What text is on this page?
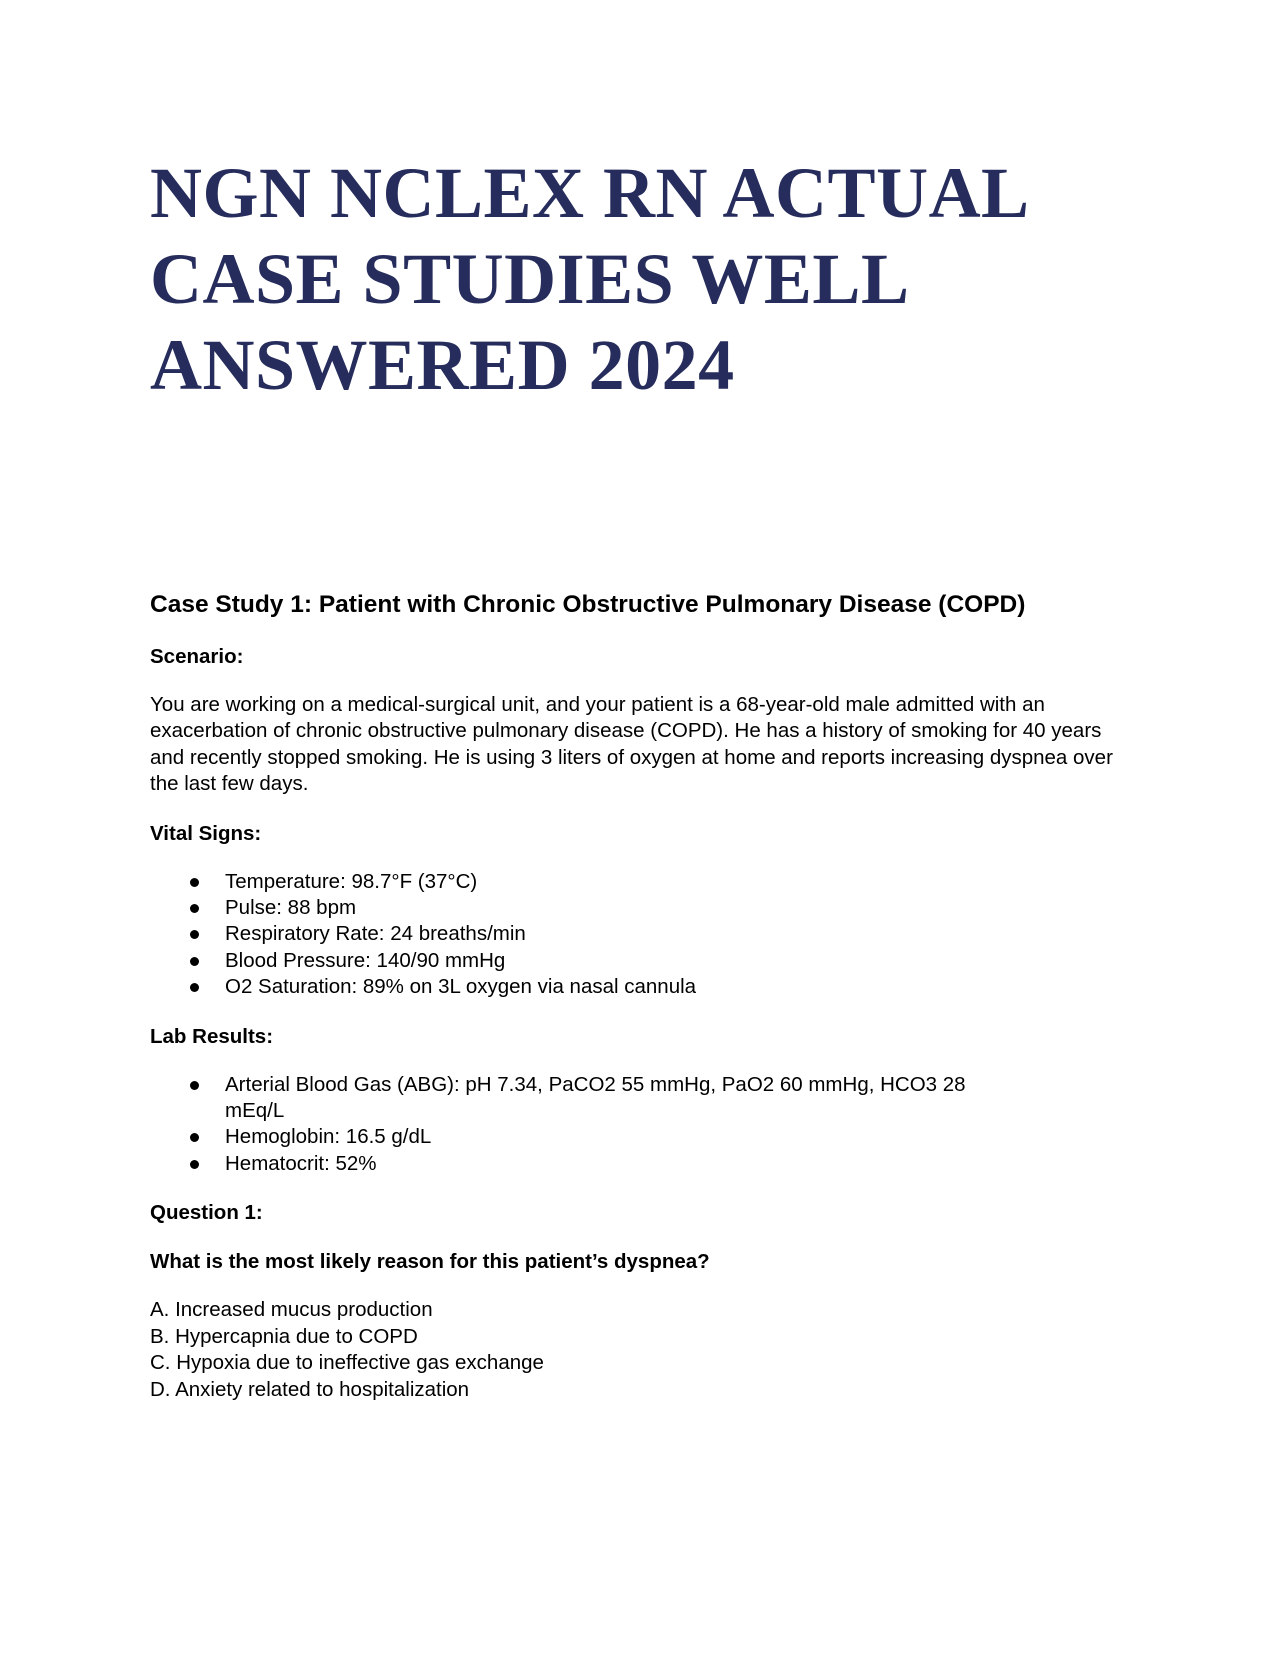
NGN NCLEX RN ACTUAL
CASE STUDIES WELL
ANSWERED 2024
Case Study 1: Patient with Chronic Obstructive Pulmonary Disease (COPD)

Scenario:

You are working on a medical-surgical unit, and your patient is a 68-year-old male admitted with an exacerbation of chronic obstructive pulmonary disease (COPD). He has a history of smoking for 40 years and recently stopped smoking. He is using 3 liters of oxygen at home and reports increasing dyspnea over the last few days.

Vital Signs:

Temperature: 98.7°F (37°C)
Pulse: 88 bpm
Respiratory Rate: 24 breaths/min
Blood Pressure: 140/90 mmHg
O2 Saturation: 89% on 3L oxygen via nasal cannula

Lab Results:

Arterial Blood Gas (ABG): pH 7.34, PaCO2 55 mmHg, PaO2 60 mmHg, HCO3 28 mEq/L
Hemoglobin: 16.5 g/dL
Hematocrit: 52%

Question 1:

What is the most likely reason for this patient’s dyspnea?

A. Increased mucus production
B. Hypercapnia due to COPD
C. Hypoxia due to ineffective gas exchange
D. Anxiety related to hospitalization
